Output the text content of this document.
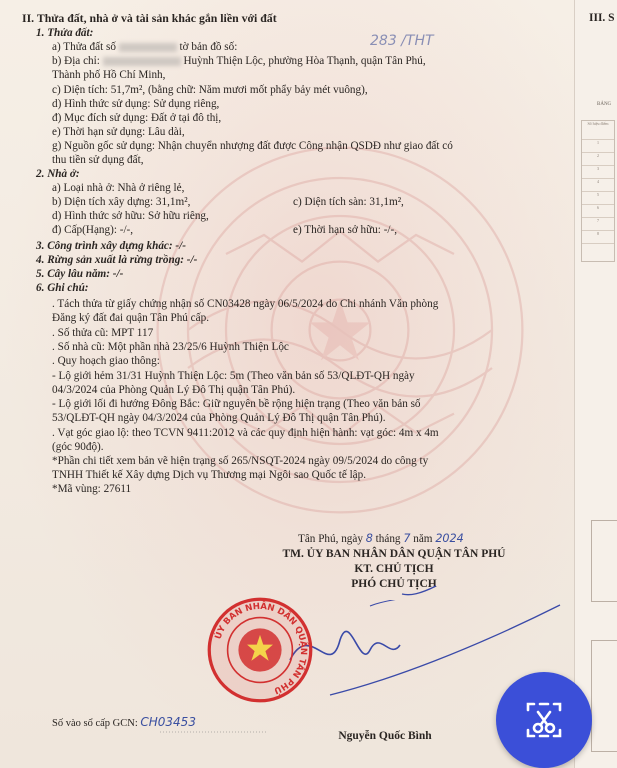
II. Thửa đất, nhà ở và tài sản khác gắn liền với đất
1. Thửa đất:
a) Thửa đất số	tờ bản đồ số:	283 /THT
b) Địa chỉ:	Huỳnh Thiện Lộc, phường Hòa Thạnh, quận Tân Phú,
Thành phố Hồ Chí Minh,
c) Diện tích: 51,7m², (bằng chữ: Năm mươi mốt phẩy bảy mét vuông),
d) Hình thức sử dụng: Sử dụng riêng,
đ) Mục đích sử dụng: Đất ở tại đô thị,
e) Thời hạn sử dụng: Lâu dài,
g) Nguồn gốc sử dụng: Nhận chuyển nhượng đất được Công nhận QSDĐ như giao đất có
thu tiền sử dụng đất,
2. Nhà ở:
a) Loại nhà ở: Nhà ở riêng lẻ,
b) Diện tích xây dựng: 31,1m²,	c) Diện tích sàn: 31,1m²,
d) Hình thức sở hữu: Sở hữu riêng,
đ) Cấp(Hạng): -/-,	e) Thời hạn sở hữu: -/-,
3. Công trình xây dựng khác: -/-
4. Rừng sản xuất là rừng trồng: -/-
5. Cây lâu năm: -/-
6. Ghi chú:
. Tách thửa từ giấy chứng nhận số CN03428 ngày 06/5/2024 do Chi nhánh Văn phòng
Đăng ký đất đai quận Tân Phú cấp.
. Số thửa cũ: MPT 117
. Số nhà cũ: Một phần nhà 23/25/6 Huỳnh Thiện Lộc
. Quy hoạch giao thông:
- Lộ giới hẻm 31/31 Huỳnh Thiện Lộc: 5m (Theo văn bản số 53/QLĐT-QH ngày
04/3/2024 của Phòng Quản Lý Đô Thị quận Tân Phú).
- Lộ giới lối đi hướng Đông Bắc: Giữ nguyên bề rộng hiện trạng (Theo văn bản số
53/QLĐT-QH ngày 04/3/2024 của Phòng Quản Lý Đô Thị quận Tân Phú).
. Vạt góc giao lộ: theo TCVN 9411:2012 và các quy định hiện hành: vạt góc: 4m x 4m
(góc 90độ).
*Phần chi tiết xem bản vẽ hiện trạng số 265/NSQT-2024 ngày 09/5/2024 do công ty
TNHH Thiết kế Xây dựng Dịch vụ Thương mại Ngôi sao Quốc tế lập.
*Mã vùng: 27611
Tân Phú, ngày 8 tháng 7 năm 2024
TM. ỦY BAN NHÂN DÂN QUẬN TÂN PHÚ
KT. CHỦ TỊCH
PHÓ CHỦ TỊCH
ỦY BAN NHÂN DÂN QUẬN TÂN PHÚ
Nguyễn Quốc Bình
Số vào sổ cấp GCN: CH03453
III. S
BẢNG
Số hiệu điểm
1
2
3
4
5
6
7
8
